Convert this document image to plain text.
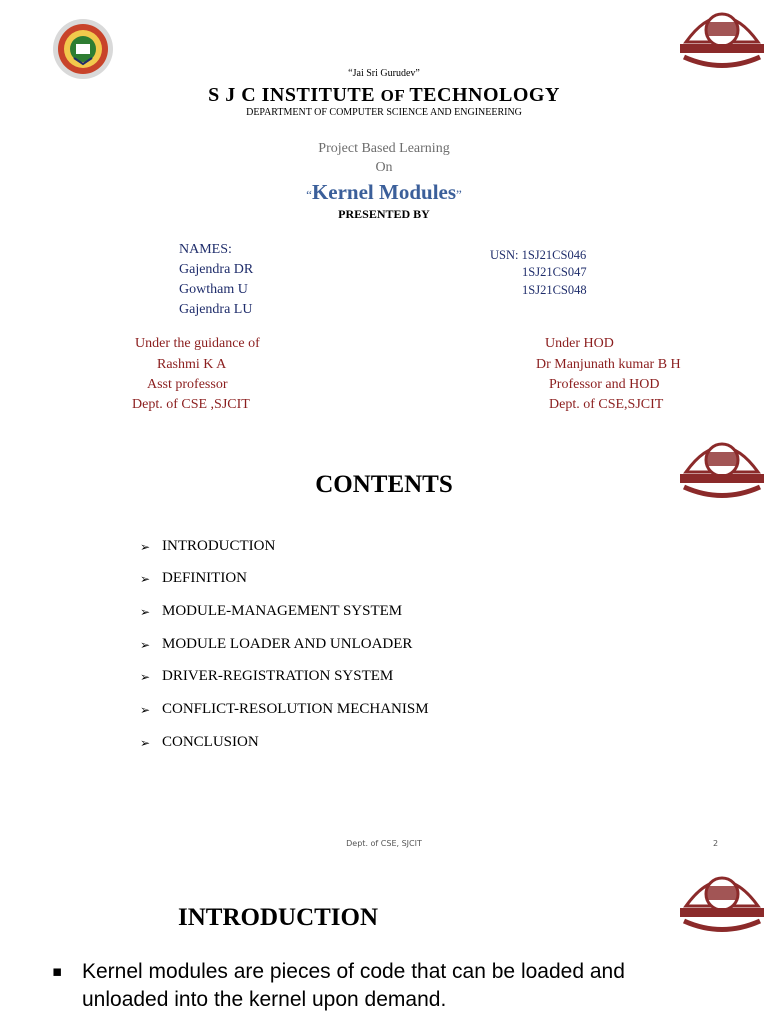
“Jai Sri Gurudev”
S J C INSTITUTE OF TECHNOLOGY
DEPARTMENT OF COMPUTER SCIENCE AND ENGINEERING
Project Based Learning
On
“Kernel Modules”
PRESENTED BY
NAMES:
Gajendra DR
Gowtham U
Gajendra LU
USN: 1SJ21CS046
1SJ21CS047
1SJ21CS048
Under the guidance of
Rashmi K A
Asst professor
Dept. of CSE ,SJCIT
Under HOD
Dr Manjunath kumar B H
Professor and HOD
Dept. of CSE,SJCIT
CONTENTS
➢ INTRODUCTION
➢ DEFINITION
➢ MODULE-MANAGEMENT SYSTEM
➢ MODULE LOADER AND UNLOADER
➢ DRIVER-REGISTRATION SYSTEM
➢ CONFLICT-RESOLUTION MECHANISM
➢ CONCLUSION
Dept. of CSE, SJCIT	2
INTRODUCTION
▪ Kernel modules are pieces of code that can be loaded and unloaded into the kernel upon demand.
